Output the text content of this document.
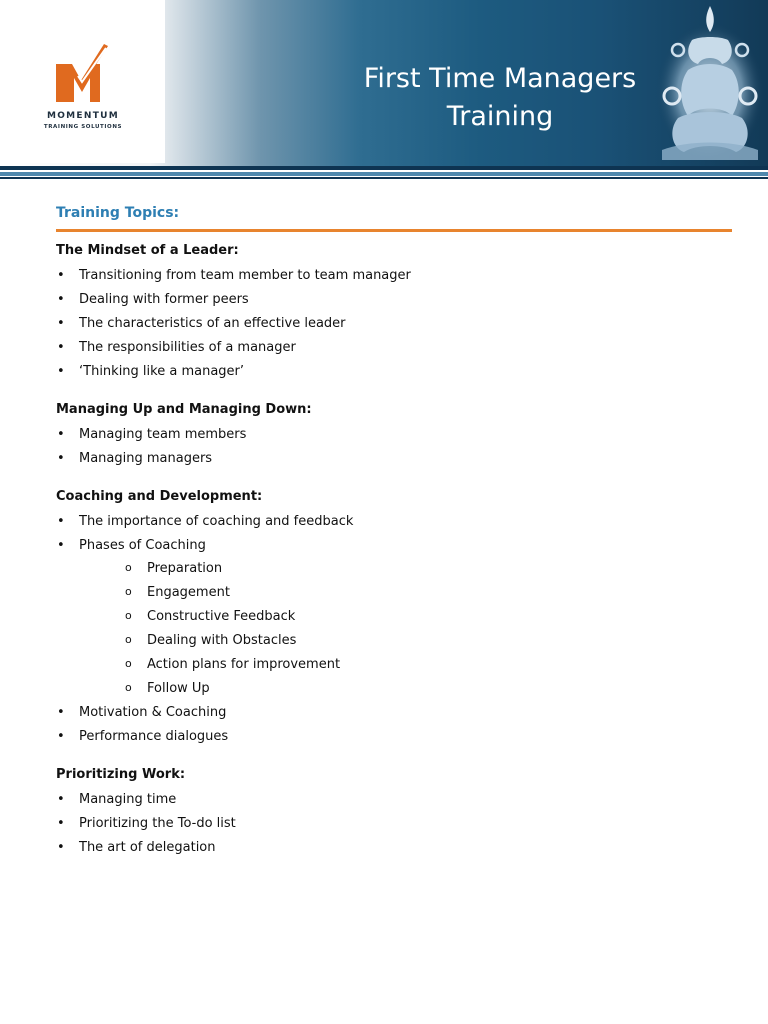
MOMENTUM
TRAINING SOLUTIONS
First Time Managers
Training
Training Topics:
The Mindset of a Leader:
• Transitioning from team member to team manager
• Dealing with former peers
• The characteristics of an effective leader
• The responsibilities of a manager
• ‘Thinking like a manager’
Managing Up and Managing Down:
• Managing team members
• Managing managers
Coaching and Development:
• The importance of coaching and feedback
• Phases of Coaching
o Preparation
o Engagement
o Constructive Feedback
o Dealing with Obstacles
o Action plans for improvement
o Follow Up
• Motivation & Coaching
• Performance dialogues
Prioritizing Work:
• Managing time
• Prioritizing the To-do list
• The art of delegation
